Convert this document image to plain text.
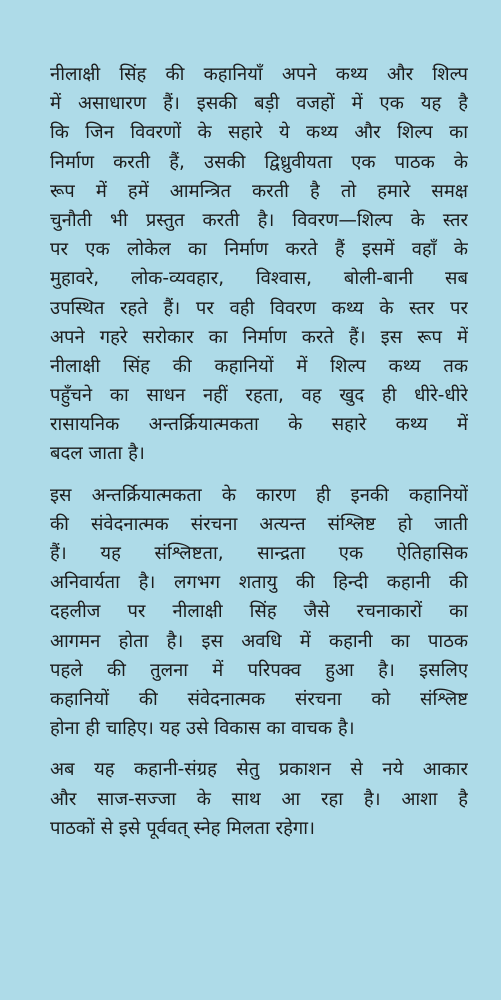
नीलाक्षी सिंह की कहानियाँ अपने कथ्य और शिल्प
में असाधारण हैं। इसकी बड़ी वजहों में एक यह है
कि जिन विवरणों के सहारे ये कथ्य और शिल्प का
निर्माण करती हैं, उसकी द्विध्रुवीयता एक पाठक के
रूप में हमें आमन्त्रित करती है तो हमारे समक्ष
चुनौती भी प्रस्तुत करती है। विवरण—शिल्प के स्तर
पर एक लोकेल का निर्माण करते हैं इसमें वहाँ के
मुहावरे, लोक-व्यवहार, विश्वास, बोली-बानी सब
उपस्थित रहते हैं। पर वही विवरण कथ्य के स्तर पर
अपने गहरे सरोकार का निर्माण करते हैं। इस रूप में
नीलाक्षी सिंह की कहानियों में शिल्प कथ्य तक
पहुँचने का साधन नहीं रहता, वह खुद ही धीरे-धीरे
रासायनिक अन्तर्क्रियात्मकता के सहारे कथ्य में
बदल जाता है।

इस अन्तर्क्रियात्मकता के कारण ही इनकी कहानियों
की संवेदनात्मक संरचना अत्यन्त संश्लिष्ट हो जाती
हैं। यह संश्लिष्टता, सान्द्रता एक ऐतिहासिक
अनिवार्यता है। लगभग शतायु की हिन्दी कहानी की
दहलीज पर नीलाक्षी सिंह जैसे रचनाकारों का
आगमन होता है। इस अवधि में कहानी का पाठक
पहले की तुलना में परिपक्व हुआ है। इसलिए
कहानियों की संवेदनात्मक संरचना को संश्लिष्ट
होना ही चाहिए। यह उसे विकास का वाचक है।

अब यह कहानी-संग्रह सेतु प्रकाशन से नये आकार
और साज-सज्जा के साथ आ रहा है। आशा है
पाठकों से इसे पूर्ववत् स्नेह मिलता रहेगा।
